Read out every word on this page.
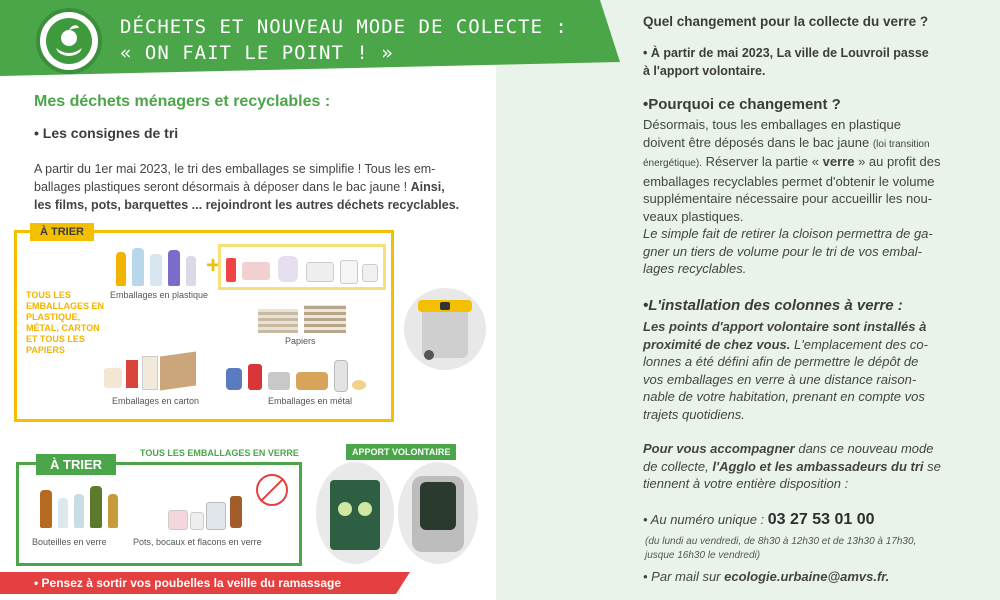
DÉCHETS ET NOUVEAU MODE DE COLECTE :
« ON FAIT LE POINT ! »
Mes déchets ménagers et recyclables :
• Les consignes de tri
A partir du 1er mai 2023, le tri des emballages se simplifie ! Tous les em-
ballages plastiques seront désormais à déposer dans le bac jaune ! Ainsi,
les films, pots, barquettes ... rejoindront les autres déchets recyclables.
À TRIER
TOUS LES EMBALLAGES EN PLASTIQUE, MÉTAL, CARTON ET TOUS LES PAPIERS
+
Emballages en plastique
Papiers
Emballages en carton	Emballages en métal
À TRIER
TOUS LES EMBALLAGES EN VERRE	APPORT VOLONTAIRE
Bouteilles en verre	Pots, bocaux et flacons en verre
• Pensez à sortir vos poubelles la veille du ramassage
Quel changement pour la collecte du verre ?
• À partir de mai 2023, La ville de Louvroil passe
à l'apport volontaire.
•Pourquoi ce changement ?
Désormais, tous les emballages en plastique
doivent être déposés dans le bac jaune (loi transition
énergétique). Réserver la partie « verre » au profit des
emballages recyclables permet d'obtenir le volume
supplémentaire nécessaire pour accueillir les nou-
veaux plastiques.
Le simple fait de retirer la cloison permettra de ga-
gner un tiers de volume pour le tri de vos embal-
lages recyclables.
•L'installation des colonnes à verre :
Les points d'apport volontaire sont installés à
proximité de chez vous. L'emplacement des co-
lonnes a été défini afin de permettre le dépôt de
vos emballages en verre à une distance raison-
nable de votre habitation, prenant en compte vos
trajets quotidiens.
Pour vous accompagner dans ce nouveau mode
de collecte, l'Agglo et les ambassadeurs du tri se
tiennent à votre entière disposition :
• Au numéro unique : 03 27 53 01 00
(du lundi au vendredi, de 8h30 à 12h30 et de 13h30 à 17h30,
jusque 16h30 le vendredi)
• Par mail sur ecologie.urbaine@amvs.fr.
